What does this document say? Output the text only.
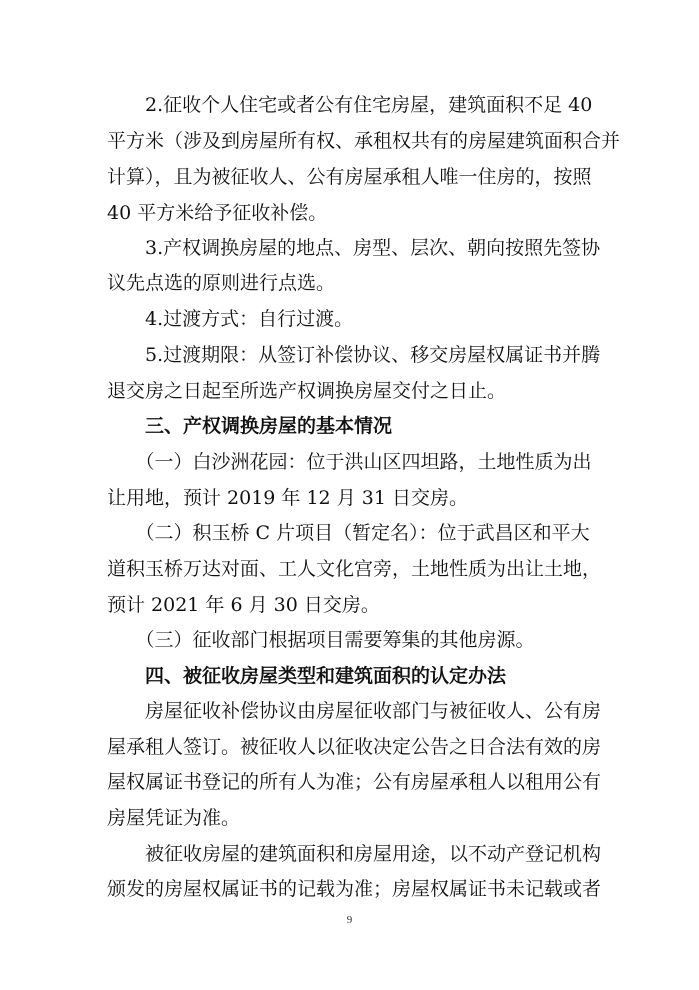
　　2.征收个人住宅或者公有住宅房屋，建筑面积不足 40
平方米（涉及到房屋所有权、承租权共有的房屋建筑面积合并
计算），且为被征收人、公有房屋承租人唯一住房的，按照
40 平方米给予征收补偿。
　　3.产权调换房屋的地点、房型、层次、朝向按照先签协
议先点选的原则进行点选。
　　4.过渡方式：自行过渡。
　　5.过渡期限：从签订补偿协议、移交房屋权属证书并腾
退交房之日起至所选产权调换房屋交付之日止。
　　三、产权调换房屋的基本情况
　　（一）白沙洲花园：位于洪山区四坦路，土地性质为出
让用地，预计 2019 年 12 月 31 日交房。
　　（二）积玉桥 C 片项目（暂定名）：位于武昌区和平大
道积玉桥万达对面、工人文化宫旁，土地性质为出让土地，
预计 2021 年 6 月 30 日交房。
　　（三）征收部门根据项目需要筹集的其他房源。
　　四、被征收房屋类型和建筑面积的认定办法
　　房屋征收补偿协议由房屋征收部门与被征收人、公有房
屋承租人签订。被征收人以征收决定公告之日合法有效的房
屋权属证书登记的所有人为准；公有房屋承租人以租用公有
房屋凭证为准。
　　被征收房屋的建筑面积和房屋用途，以不动产登记机构
颁发的房屋权属证书的记载为准；房屋权属证书未记载或者
9
